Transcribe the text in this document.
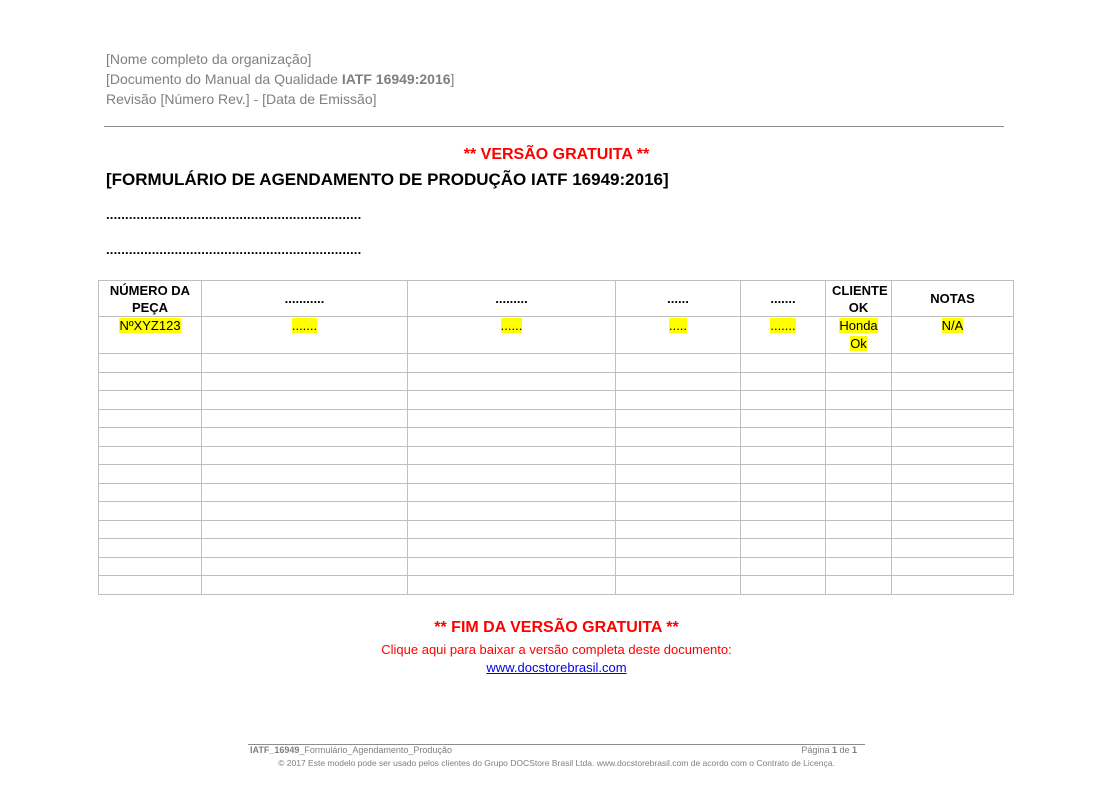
[Nome completo da organização]
[Documento do Manual da Qualidade IATF 16949:2016]
Revisão [Número Rev.] - [Data de Emissão]
** VERSÃO GRATUITA **
[FORMULÁRIO DE AGENDAMENTO DE PRODUÇÃO IATF 16949:2016]
...................................................................
...................................................................
NÚMERO DA PEÇA	...........	.........	......	.......	CLIENTE OK	NOTAS
NºXYZ123	.......	......	.....	.......	Honda Ok	N/A

** FIM DA VERSÃO GRATUITA **
Clique aqui para baixar a versão completa deste documento:
www.docstorebrasil.com
IATF_16949_Formulário_Agendamento_Produção	Página 1 de 1
© 2017 Este modelo pode ser usado pelos clientes do Grupo DOCStore Brasil Ltda. www.docstorebrasil.com de acordo com o Contrato de Licença.
